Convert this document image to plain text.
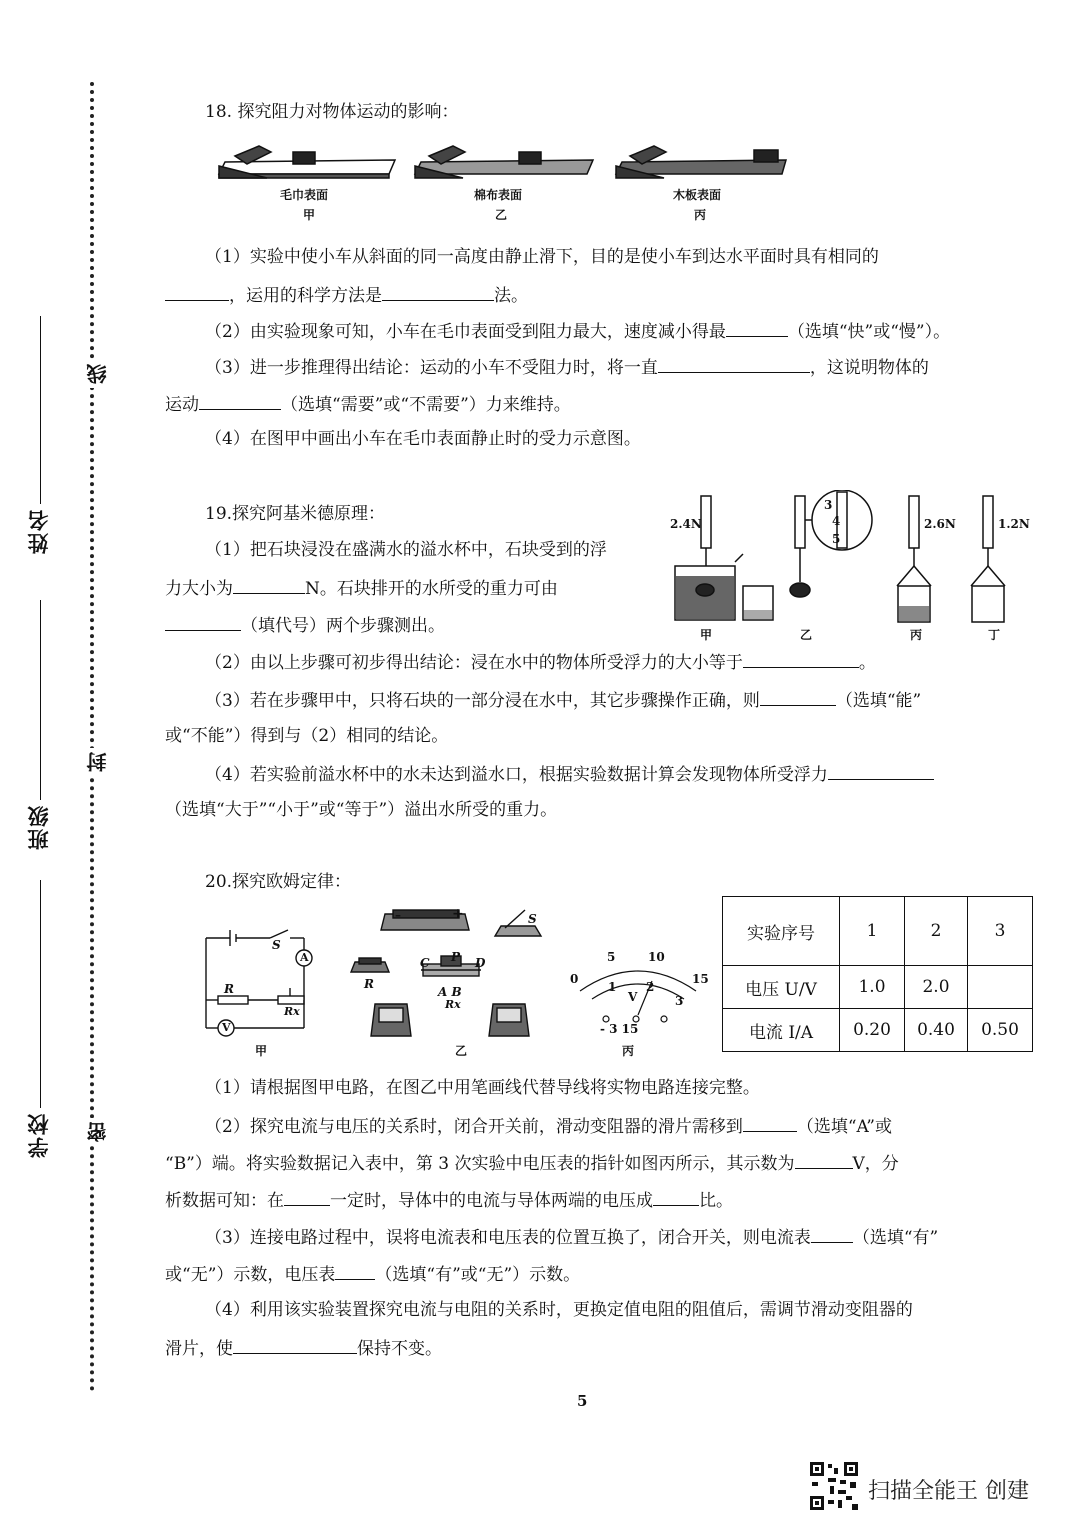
姓名
班级
学校
线
封
密
18. 探究阻力对物体运动的影响：
毛巾表面
甲
棉布表面
乙
木板表面
丙
（1）实验中使小车从斜面的同一高度由静止滑下，目的是使小车到达水平面时具有相同的
，运用的科学方法是	法。
（2）由实验现象可知，小车在毛巾表面受到阻力最大，速度减小得最	（选填“快”或“慢”）。
（3）进一步推理得出结论：运动的小车不受阻力时，将一直	，这说明物体的
运动	（选填“需要”或“不需要”）力来维持。
（4）在图甲中画出小车在毛巾表面静止时的受力示意图。
19.探究阿基米德原理：	2.4N
3
4
5
2.6N	1.2N
甲	乙	丙	丁
（1）把石块浸没在盛满水的溢水杯中，石块受到的浮
力大小为	N。石块排开的水所受的重力可由
（填代号）两个步骤测出。
（2）由以上步骤可初步得出结论：浸在水中的物体所受浮力的大小等于	。
（3）若在步骤甲中，只将石块的一部分浸在水中，其它步骤操作正确，则	（选填“能”
或“不能”）得到与（2）相同的结论。
（4）若实验前溢水杯中的水未达到溢水口，根据实验数据计算会发现物体所受浮力
（选填“大于”“小于”或“等于”）溢出水所受的重力。
20.探究欧姆定律：
S
A
R
Rx
V
甲
–	+	S
R
C P D
A B
Rx
乙
0
5	10
15
1 2
3
V
- 3 15
丙
实验序号	1	2	3
电压 U/V	1.0	2.0	
电流 I/A	0.20	0.40	0.50
（1）请根据图甲电路，在图乙中用笔画线代替导线将实物电路连接完整。
（2）探究电流与电压的关系时，闭合开关前，滑动变阻器的滑片需移到	（选填“A”或
“B”）端。将实验数据记入表中，第 3 次实验中电压表的指针如图丙所示，其示数为	V，分
析数据可知：在	一定时，导体中的电流与导体两端的电压成	比。
（3）连接电路过程中，误将电流表和电压表的位置互换了，闭合开关，则电流表 （选填“有”
或“无”）示数，电压表 （选填“有”或“无”）示数。
（4）利用该实验装置探究电流与电阻的关系时，更换定值电阻的阻值后，需调节滑动变阻器的
滑片，使	保持不变。
5
扫描全能王 创建
